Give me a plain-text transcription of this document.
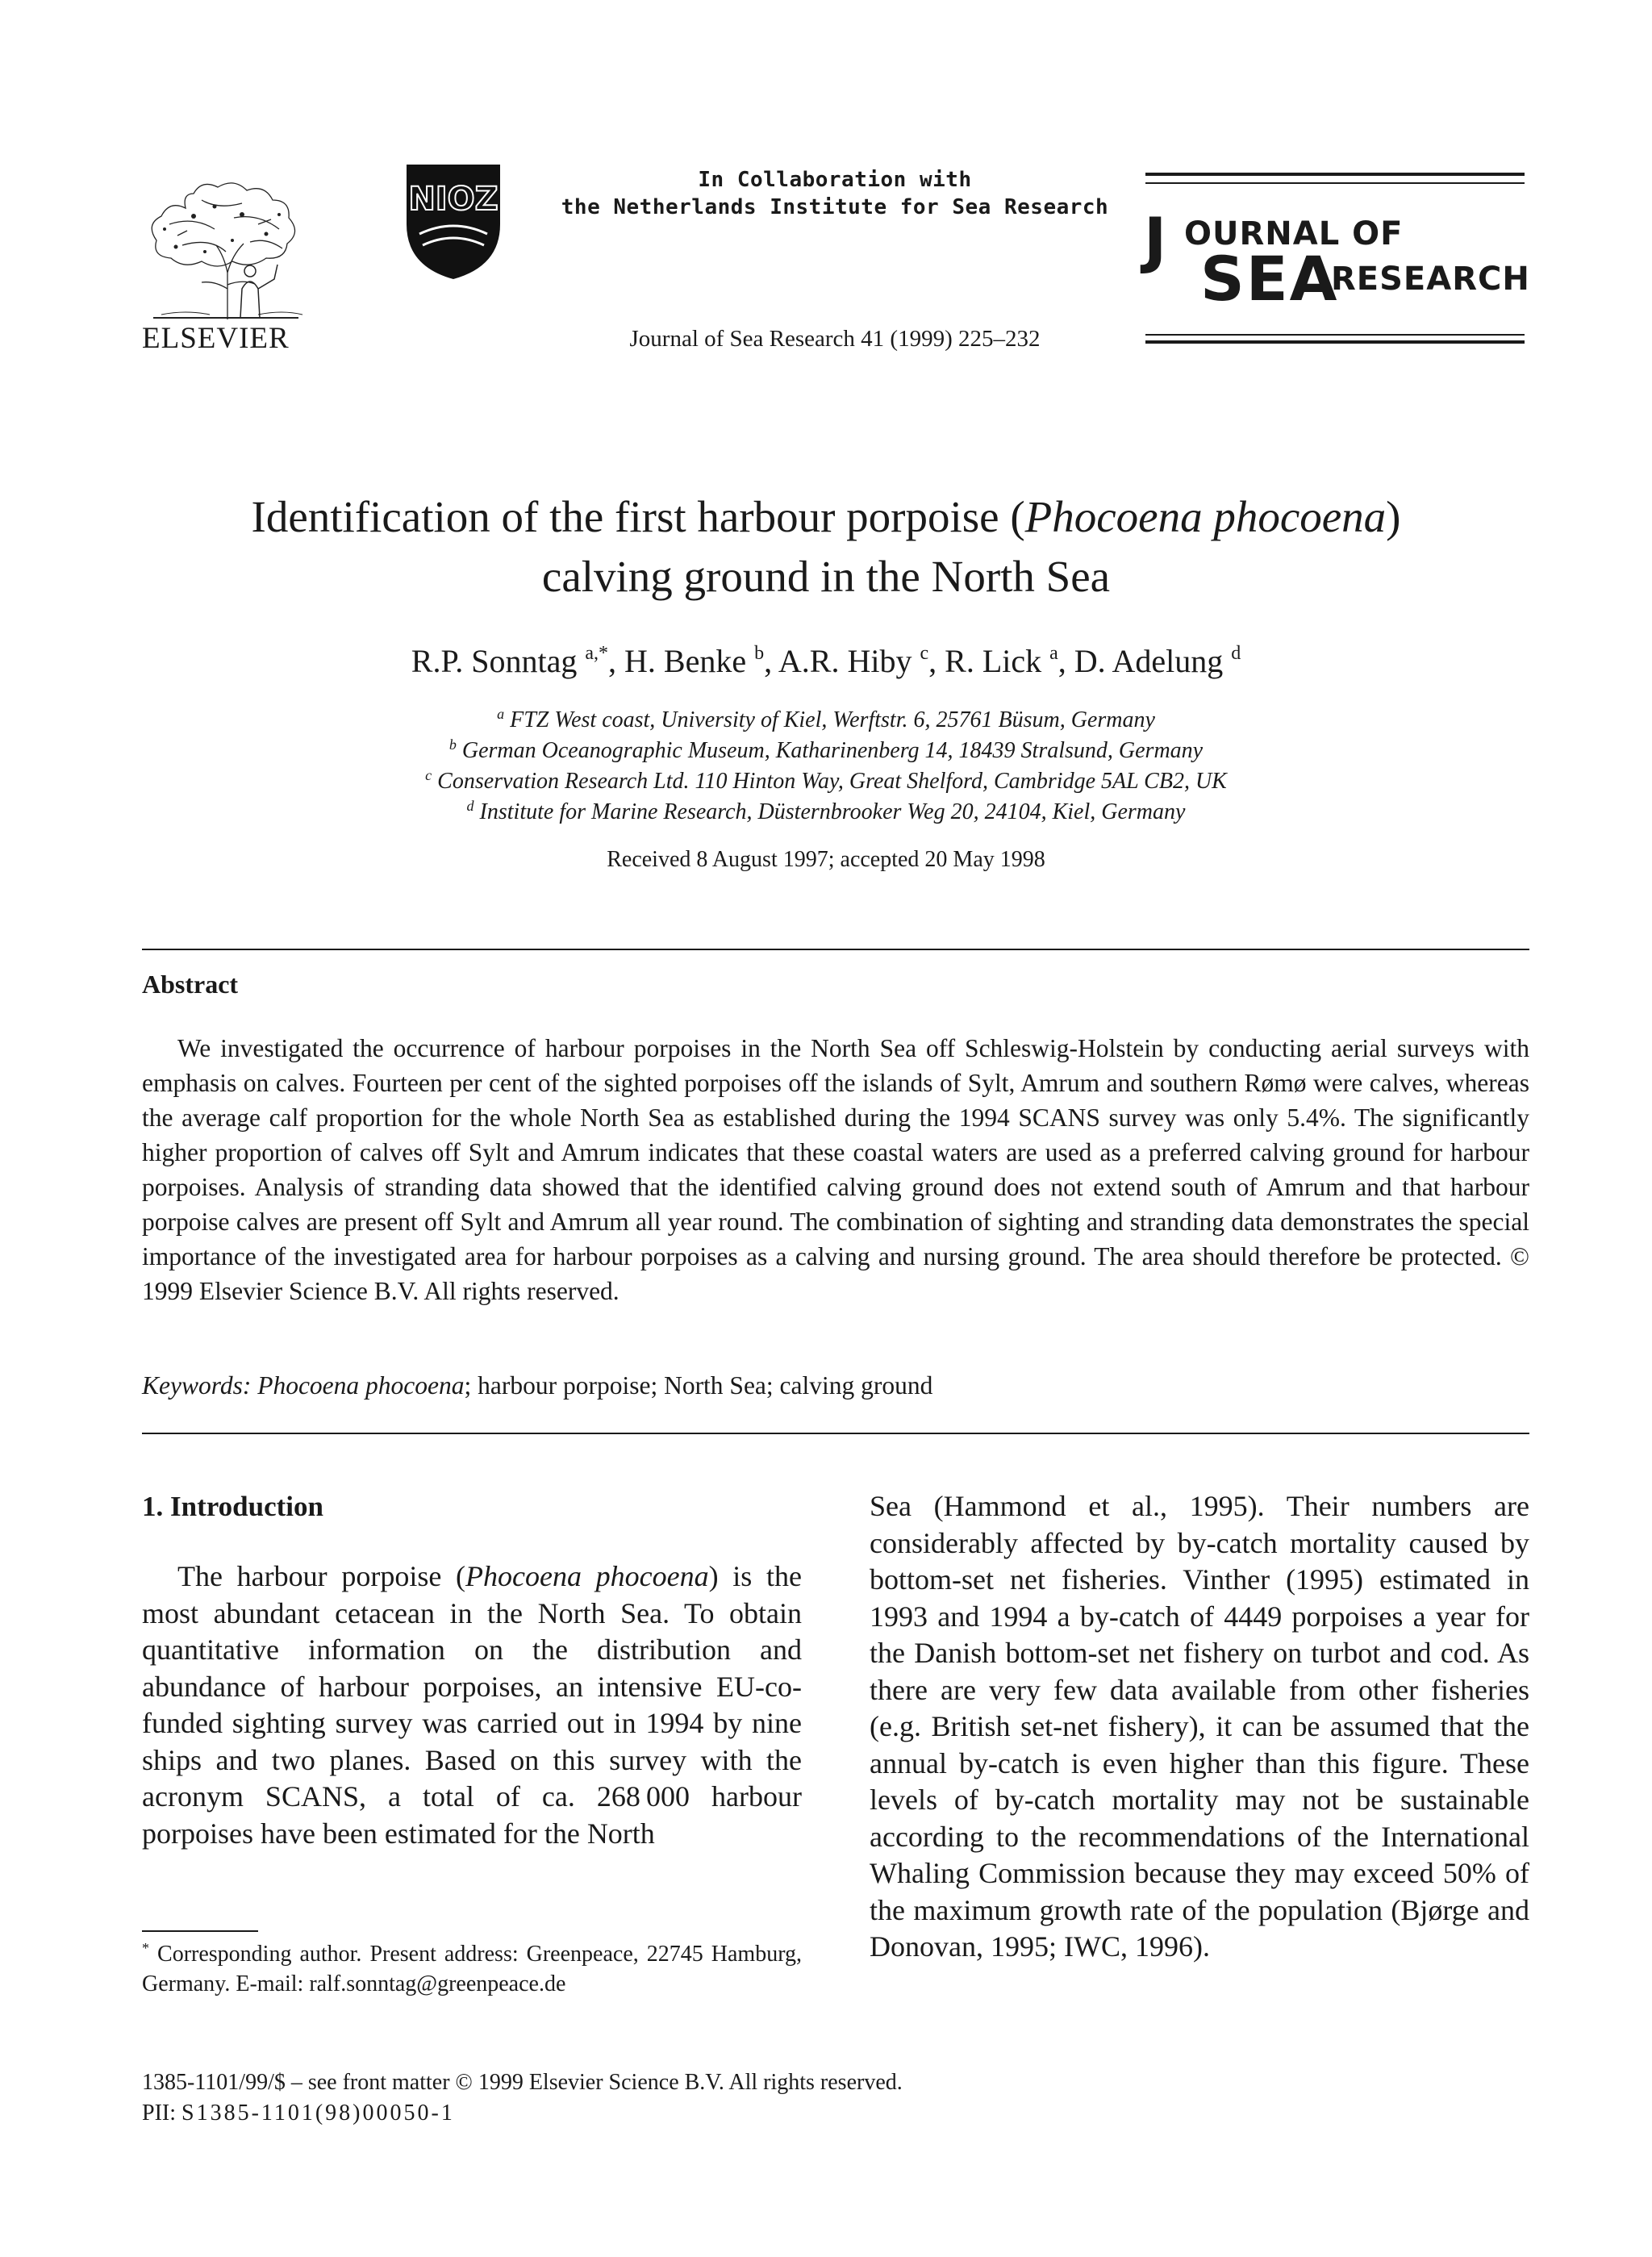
ELSEVIER
NIOZ
In Collaboration with
the Netherlands Institute for Sea Research
Journal of Sea Research 41 (1999) 225–232
J OURNAL OF
SEA
RESEARCH
Identification of the first harbour porpoise (Phocoena phocoena)
calving ground in the North Sea
R.P. Sonntag $^{a,*}$, H. Benke $^b$, A.R. Hiby $^c$, R. Lick $^a$, D. Adelung $^d$
$^a$ FTZ West coast, University of Kiel, Werftstr. 6, 25761 Büsum, Germany
$^b$ German Oceanographic Museum, Katharinenberg 14, 18439 Stralsund, Germany
$^c$ Conservation Research Ltd. 110 Hinton Way, Great Shelford, Cambridge 5AL CB2, UK
$^d$ Institute for Marine Research, Düsternbrooker Weg 20, 24104, Kiel, Germany
Received 8 August 1997; accepted 20 May 1998
Abstract

We investigated the occurrence of harbour porpoises in the North Sea off Schleswig-Holstein by conducting aerial surveys with emphasis on calves. Fourteen per cent of the sighted porpoises off the islands of Sylt, Amrum and southern Rømø were calves, whereas the average calf proportion for the whole North Sea as established during the 1994 SCANS survey was only 5.4%. The significantly higher proportion of calves off Sylt and Amrum indicates that these coastal waters are used as a preferred calving ground for harbour porpoises. Analysis of stranding data showed that the identified calving ground does not extend south of Amrum and that harbour porpoise calves are present off Sylt and Amrum all year round. The combination of sighting and stranding data demonstrates the special importance of the investigated area for harbour porpoises as a calving and nursing ground. The area should therefore be protected. © 1999 Elsevier Science B.V. All rights reserved.

Keywords: Phocoena phocoena; harbour porpoise; North Sea; calving ground
1. Introduction

The harbour porpoise (Phocoena phocoena) is the most abundant cetacean in the North Sea. To obtain quantitative information on the distribution and abundance of harbour porpoises, an intensive EU-cofunded sighting survey was carried out in 1994 by nine ships and two planes. Based on this survey with the acronym SCANS, a total of ca. 268 000 harbour porpoises have been estimated for the North

Sea (Hammond et al., 1995). Their numbers are considerably affected by by-catch mortality caused by bottom-set net fisheries. Vinther (1995) estimated in 1993 and 1994 a by-catch of 4449 porpoises a year for the Danish bottom-set net fishery on turbot and cod. As there are very few data available from other fisheries (e.g. British set-net fishery), it can be assumed that the annual by-catch is even higher than this figure. These levels of by-catch mortality may not be sustainable according to the recommendations of the International Whaling Commission because they may exceed 50% of the maximum growth rate of the population (Bjørge and Donovan, 1995; IWC, 1996).

* Corresponding author. Present address: Greenpeace, 22745 Hamburg, Germany. E-mail: ralf.sonntag@greenpeace.de

1385-1101/99/$ – see front matter © 1999 Elsevier Science B.V. All rights reserved.
PII: S1385-1101(98)00050-1
